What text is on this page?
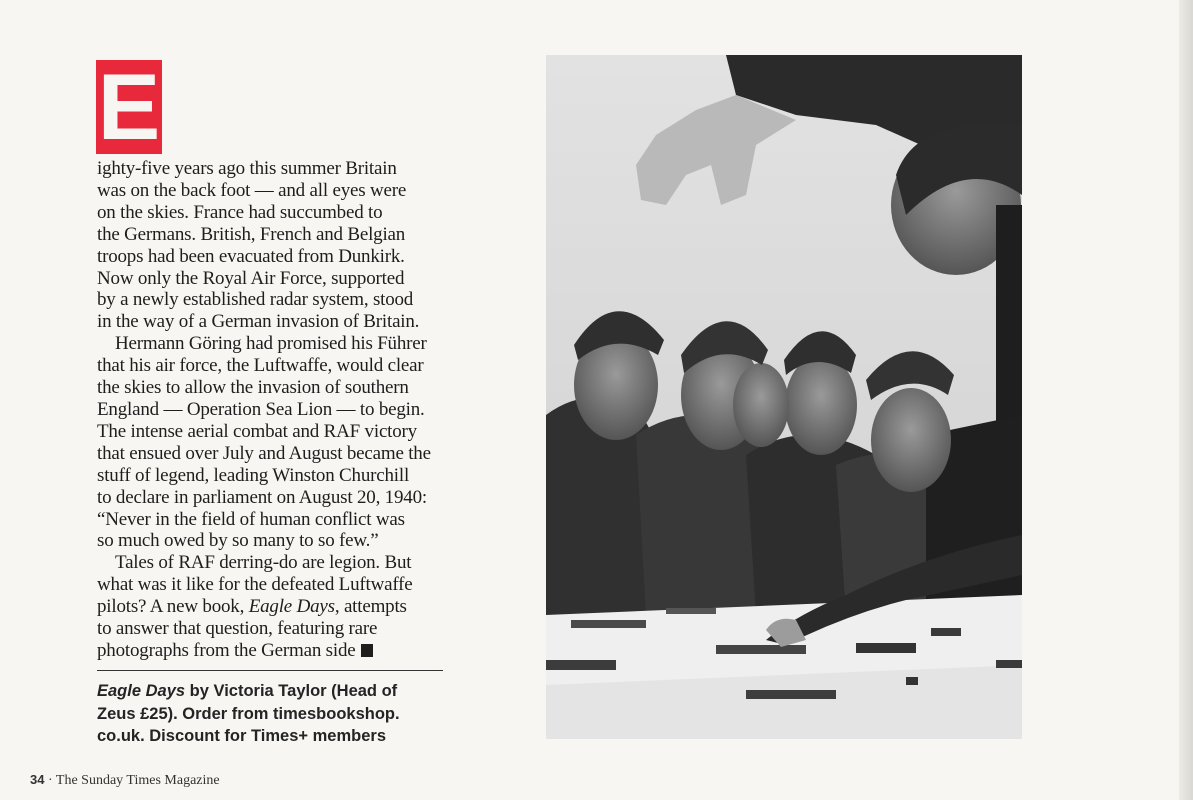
E
ighty-five years ago this summer Britain
was on the back foot — and all eyes were
on the skies. France had succumbed to
the Germans. British, French and Belgian
troops had been evacuated from Dunkirk.
Now only the Royal Air Force, supported
by a newly established radar system, stood
in the way of a German invasion of Britain.
Hermann Göring had promised his Führer
that his air force, the Luftwaffe, would clear
the skies to allow the invasion of southern
England — Operation Sea Lion — to begin.
The intense aerial combat and RAF victory
that ensued over July and August became the
stuff of legend, leading Winston Churchill
to declare in parliament on August 20, 1940:
“Never in the field of human conflict was
so much owed by so many to so few.”
Tales of RAF derring-do are legion. But
what was it like for the defeated Luftwaffe
pilots? A new book, Eagle Days, attempts
to answer that question, featuring rare
photographs from the German side
Eagle Days by Victoria Taylor (Head of
Zeus £25). Order from timesbookshop.
co.uk. Discount for Times+ members
34 · The Sunday Times Magazine
